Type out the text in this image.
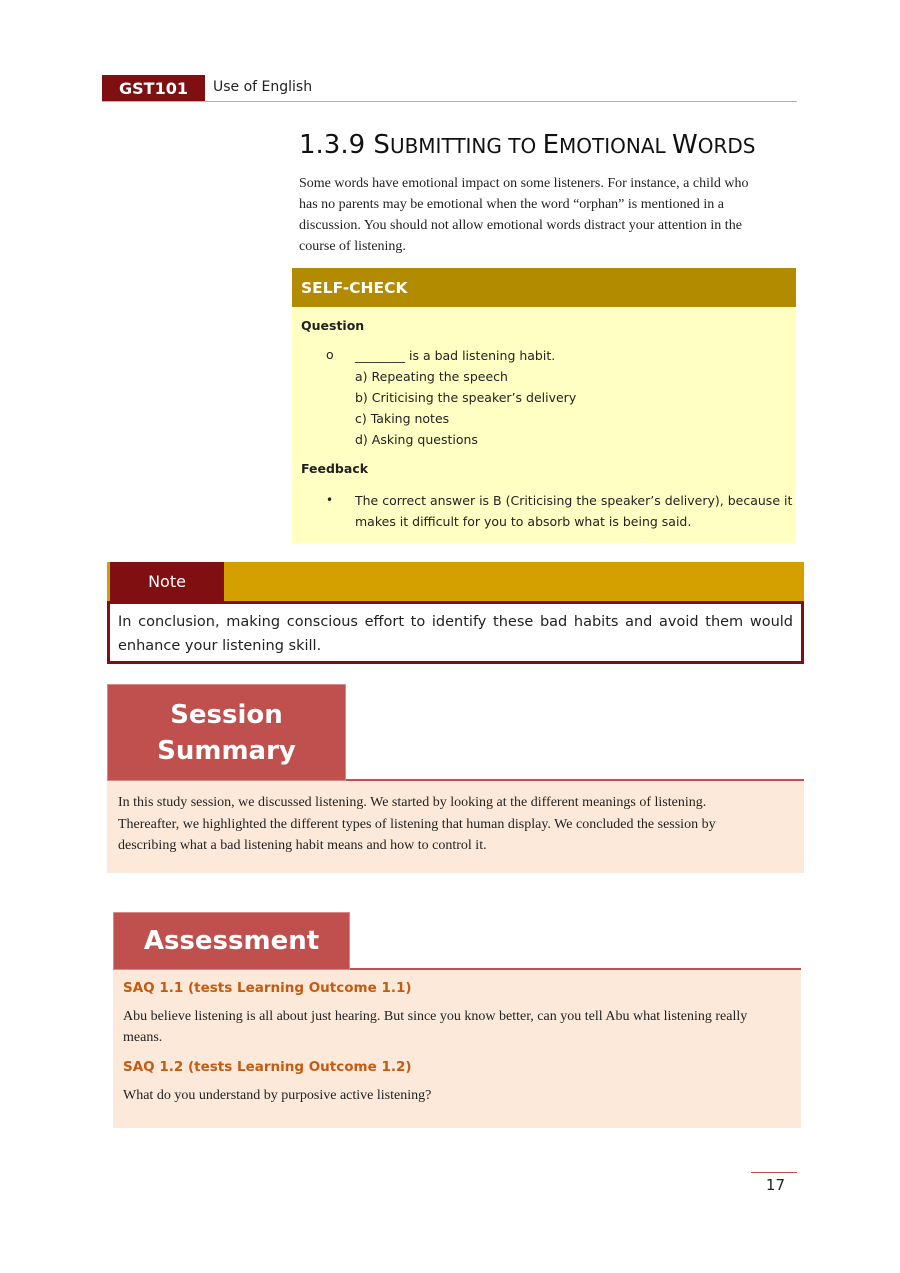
GST101	Use of English
1.3.9 SUBMITTING TO EMOTIONAL WORDS
Some words have emotional impact on some listeners. For instance, a child who
has no parents may be emotional when the word “orphan” is mentioned in a
discussion. You should not allow emotional words distract your attention in the
course of listening.
SELF-CHECK
Question
o ________ is a bad listening habit.
a) Repeating the speech
b) Criticising the speaker’s delivery
c) Taking notes
d) Asking questions
Feedback
• The correct answer is B (Criticising the speaker’s delivery), because it
makes it difficult for you to absorb what is being said.
Note
In conclusion, making conscious effort to identify these bad habits and avoid them would enhance your listening skill.
Session
Summary
In this study session, we discussed listening. We started by looking at the different meanings of listening.
Thereafter, we highlighted the different types of listening that human display. We concluded the session by
describing what a bad listening habit means and how to control it.
Assessment
SAQ 1.1 (tests Learning Outcome 1.1)
Abu believe listening is all about just hearing. But since you know better, can you tell Abu what listening really
means.
SAQ 1.2 (tests Learning Outcome 1.2)
What do you understand by purposive active listening?
17
